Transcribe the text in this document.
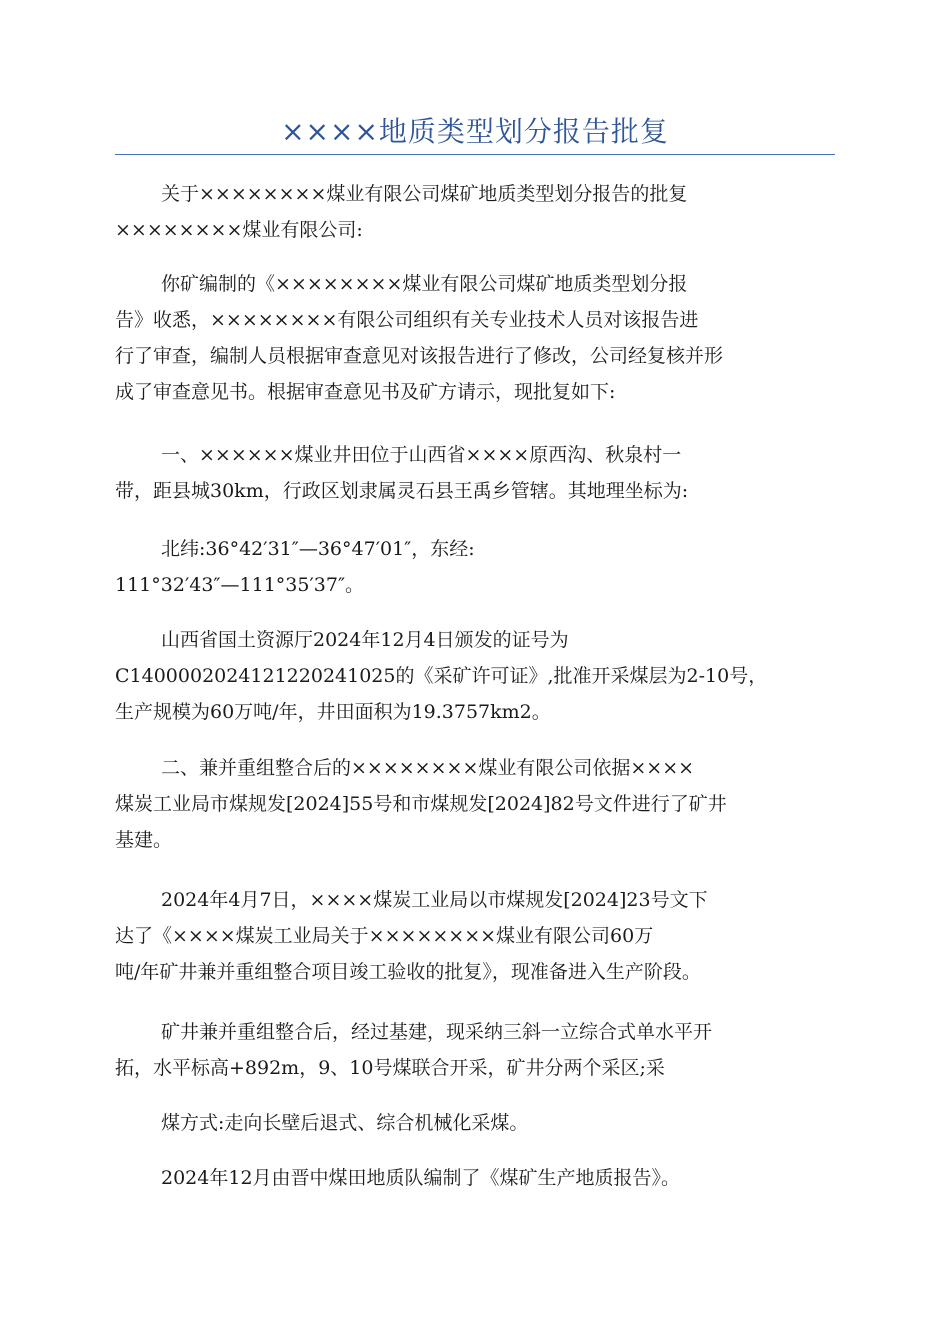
××××地质类型划分报告批复

关于××××××××煤业有限公司煤矿地质类型划分报告的批复

××××××××煤业有限公司:

你矿编制的《××××××××煤业有限公司煤矿地质类型划分报
告》收悉，××××××××有限公司组织有关专业技术人员对该报告进
行了审查，编制人员根据审查意见对该报告进行了修改，公司经复核并形
成了审查意见书。根据审查意见书及矿方请示，现批复如下:

一、××××××煤业井田位于山西省××××原西沟、秋泉村一
带，距县城30km，行政区划隶属灵石县王禹乡管辖。其地理坐标为:

北纬:36°42′31″—36°47′01″，东经:
111°32′43″—111°35′37″。

山西省国土资源厅2024年12月4日颁发的证号为
C1400002024121220241025的《采矿许可证》,批准开采煤层为2-10号，
生产规模为60万吨/年，井田面积为19.3757km2。

二、兼并重组整合后的××××××××煤业有限公司依据××××
煤炭工业局市煤规发[2024]55号和市煤规发[2024]82号文件进行了矿井
基建。

2024年4月7日，××××煤炭工业局以市煤规发[2024]23号文下
达了《××××煤炭工业局关于××××××××煤业有限公司60万
吨/年矿井兼并重组整合项目竣工验收的批复》，现准备进入生产阶段。

矿井兼并重组整合后，经过基建，现采纳三斜一立综合式单水平开
拓，水平标高+892m，9、10号煤联合开采，矿井分两个采区;采

煤方式:走向长壁后退式、综合机械化采煤。

2024年12月由晋中煤田地质队编制了《煤矿生产地质报告》。
